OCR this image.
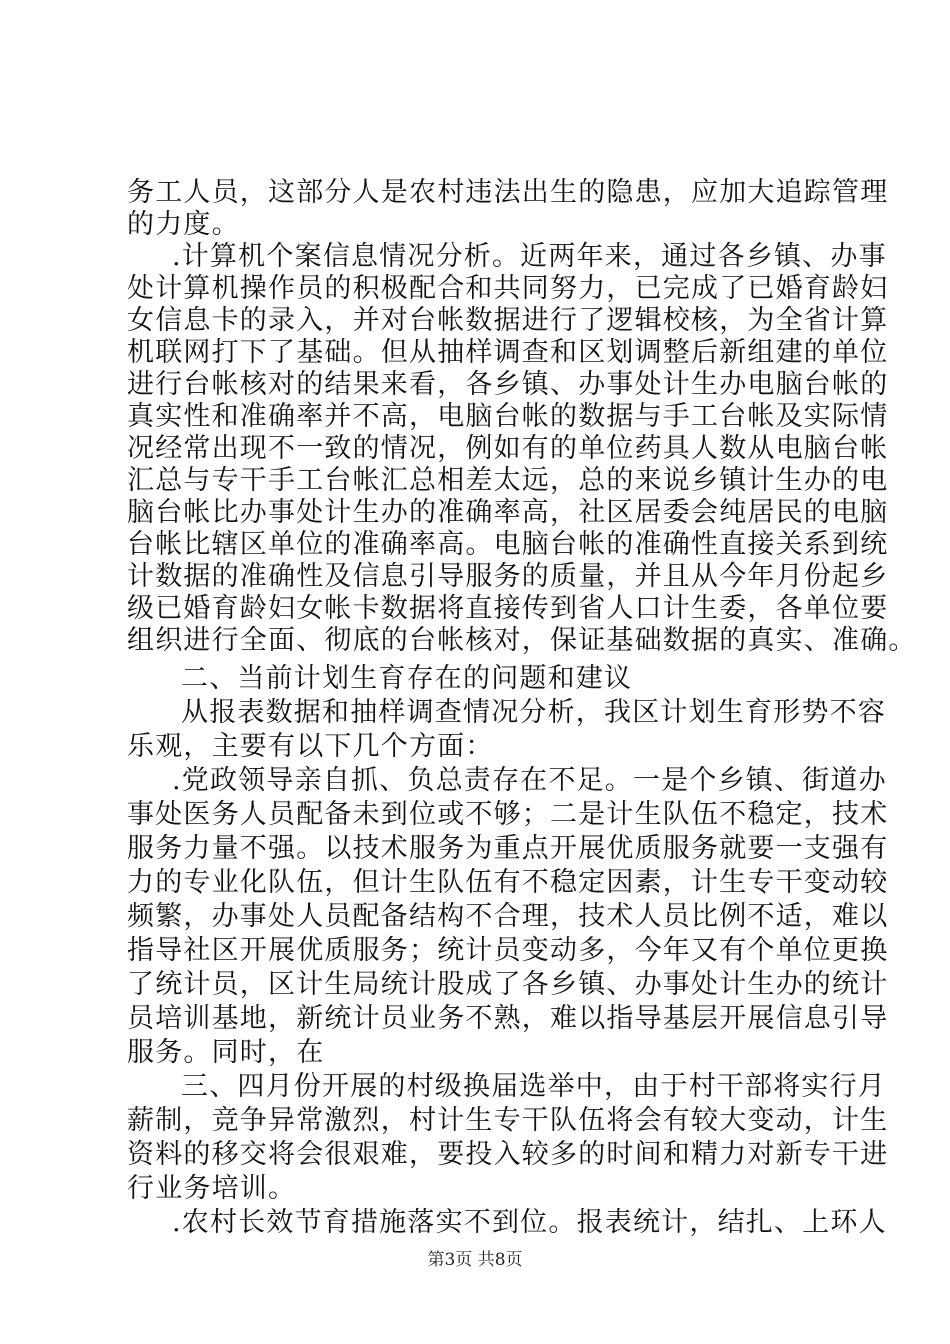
务工人员，这部分人是农村违法出生的隐患，应加大追踪管理

的力度。

.计算机个案信息情况分析。近两年来，通过各乡镇、办事

处计算机操作员的积极配合和共同努力，已完成了已婚育龄妇

女信息卡的录入，并对台帐数据进行了逻辑校核，为全省计算

机联网打下了基础。但从抽样调查和区划调整后新组建的单位

进行台帐核对的结果来看，各乡镇、办事处计生办电脑台帐的

真实性和准确率并不高，电脑台帐的数据与手工台帐及实际情

况经常出现不一致的情况，例如有的单位药具人数从电脑台帐

汇总与专干手工台帐汇总相差太远，总的来说乡镇计生办的电

脑台帐比办事处计生办的准确率高，社区居委会纯居民的电脑

台帐比辖区单位的准确率高。电脑台帐的准确性直接关系到统

计数据的准确性及信息引导服务的质量，并且从今年月份起乡

级已婚育龄妇女帐卡数据将直接传到省人口计生委，各单位要

组织进行全面、彻底的台帐核对，保证基础数据的真实、准确。

二、当前计划生育存在的问题和建议

从报表数据和抽样调查情况分析，我区计划生育形势不容

乐观，主要有以下几个方面：

.党政领导亲自抓、负总责存在不足。一是个乡镇、街道办

事处医务人员配备未到位或不够；二是计生队伍不稳定，技术

服务力量不强。以技术服务为重点开展优质服务就要一支强有

力的专业化队伍，但计生队伍有不稳定因素，计生专干变动较

频繁，办事处人员配备结构不合理，技术人员比例不适，难以

指导社区开展优质服务；统计员变动多，今年又有个单位更换

了统计员，区计生局统计股成了各乡镇、办事处计生办的统计

员培训基地，新统计员业务不熟，难以指导基层开展信息引导

服务。同时，在

三、四月份开展的村级换届选举中，由于村干部将实行月

薪制，竞争异常激烈，村计生专干队伍将会有较大变动，计生

资料的移交将会很艰难，要投入较多的时间和精力对新专干进

行业务培训。

.农村长效节育措施落实不到位。报表统计，结扎、上环人

第3页 共8页
